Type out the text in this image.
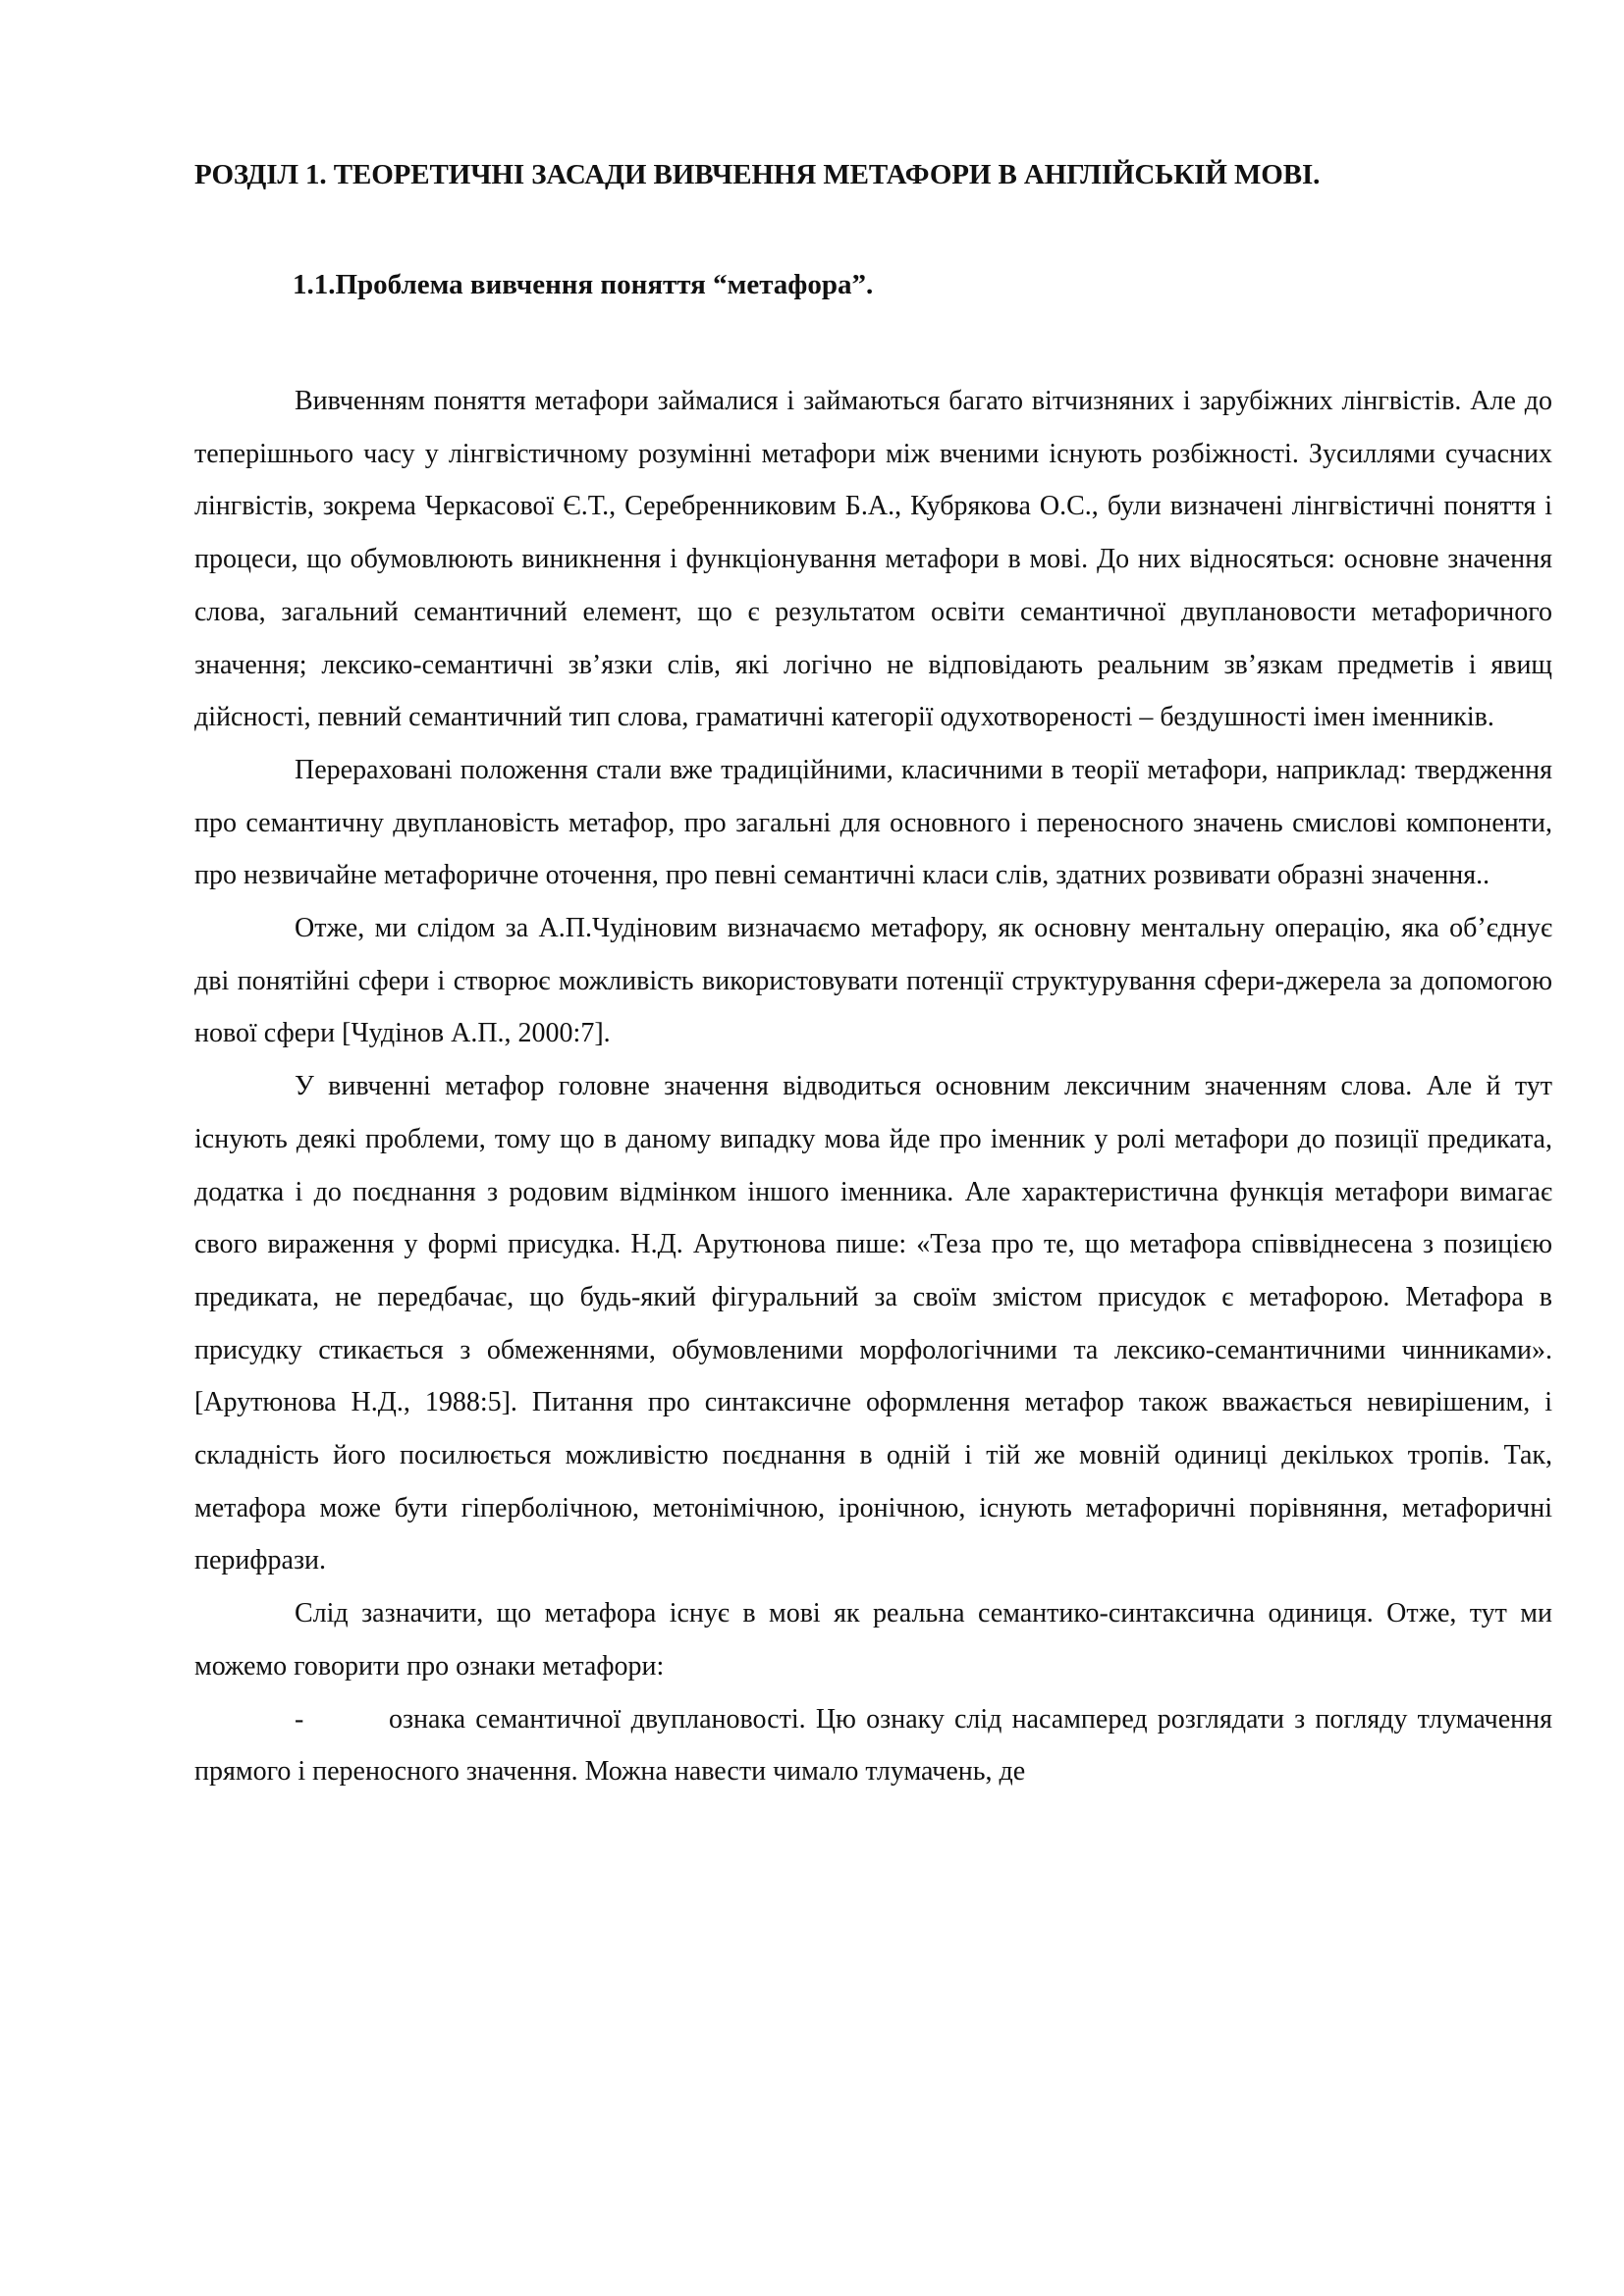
РОЗДІЛ 1. ТЕОРЕТИЧНІ ЗАСАДИ ВИВЧЕННЯ МЕТАФОРИ В АНГЛІЙСЬКІЙ МОВІ.
1.1.Проблема вивчення поняття “метафора”.

Вивченням поняття метафори займалися і займаються багато вітчизняних і зарубіжних лінгвістів. Але до теперішнього часу у лінгвістичному розумінні метафори між вченими існують розбіжності. Зусиллями сучасних лінгвістів, зокрема Черкасової Є.Т., Серебренниковим Б.А., Кубрякова О.С., були визначені лінгвістичні поняття і процеси, що обумовлюють виникнення і функціонування метафори в мові. До них відносяться: основне значення слова, загальний семантичний елемент, що є результатом освіти семантичної двуплановости метафоричного значення; лексико-семантичні зв’язки слів, які логічно не відповідають реальним зв’язкам предметів і явищ дійсності, певний семантичний тип слова, граматичні категорії одухотвореності – бездушності імен іменників.

Перераховані положення стали вже традиційними, класичними в теорії метафори, наприклад: твердження про семантичну двуплановість метафор, про загальні для основного і переносного значень смислові компоненти, про незвичайне метафоричне оточення, про певні семантичні класи слів, здатних розвивати образні значення..

Отже, ми слідом за А.П.Чудіновим визначаємо метафору, як основну ментальну операцію, яка об’єднує дві понятійні сфери і створює можливість використовувати потенції структурування сфери-джерела за допомогою нової сфери [Чудінов А.П., 2000:7].

У вивченні метафор головне значення відводиться основним лексичним значенням слова. Але й тут існують деякі проблеми, тому що в даному випадку мова йде про іменник у ролі метафори до позиції предиката, додатка і до поєднання з родовим відмінком іншого іменника. Але характеристична функція метафори вимагає свого вираження у формі присудка. Н.Д. Арутюнова пише: «Теза про те, що метафора співвіднесена з позицією предиката, не передбачає, що будь-який фігуральний за своїм змістом присудок є метафорою. Метафора в присудку стикається з обмеженнями, обумовленими морфологічними та лексико-семантичними чинниками». [Арутюнова Н.Д., 1988:5]. Питання про синтаксичне оформлення метафор також вважається невирішеним, і складність його посилюється можливістю поєднання в одній і тій же мовній одиниці декількох тропів. Так, метафора може бути гіперболічною, метонімічною, іронічною, існують метафоричні порівняння, метафоричні перифрази.

Слід зазначити, що метафора існує в мові як реальна семантико-синтаксична одиниця. Отже, тут ми можемо говорити про ознаки метафори:

-	ознака семантичної двуплановості. Цю ознаку слід насамперед розглядати з погляду тлумачення прямого і переносного значення. Можна навести чимало тлумачень, де
